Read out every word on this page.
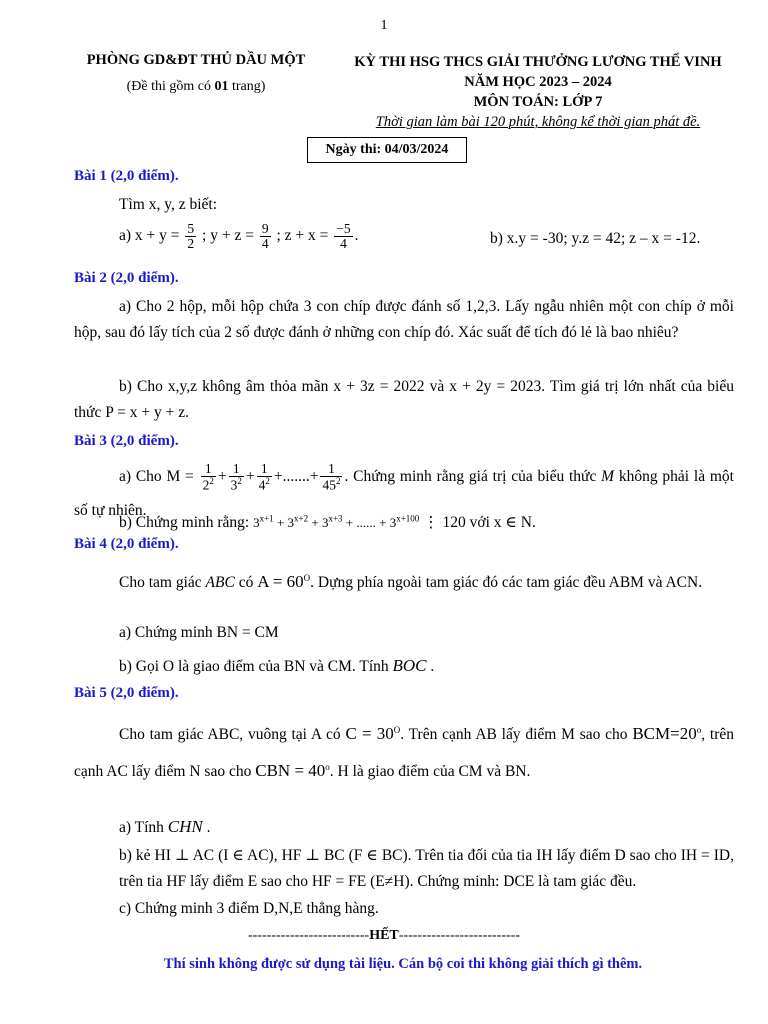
1
PHÒNG GD&ĐT THỦ DẦU MỘT
(Đề thi gồm có 01 trang)
KỲ THI HSG THCS GIẢI THƯỞNG LƯƠNG THẾ VINH
NĂM HỌC 2023 – 2024
MÔN TOÁN: LỚP 7
Thời gian làm bài 120 phút, không kể thời gian phát đề.
Ngày thi: 04/03/2024
Bài 1 (2,0 điểm).
Tìm x, y, z biết:
a) $x + y = \frac{5}{2}$ ; $y + z = \frac{9}{4}$ ; $z + x = \frac{-5}{4}$ .	b) x.y = -30; y.z = 42; z – x = -12.
Bài 2 (2,0 điểm).
a) Cho 2 hộp, mỗi hộp chứa 3 con chíp được đánh số 1,2,3. Lấy ngẫu nhiên một con chíp ở mỗi hộp, sau đó lấy tích của 2 số được đánh ở những con chíp đó. Xác suất để tích đó lẻ là bao nhiêu?
b) Cho x,y,z không âm thỏa mãn x + 3z = 2022 và x + 2y = 2023. Tìm giá trị lớn nhất của biểu thức P = x + y + z.
Bài 3 (2,0 điểm).
a) Cho $M = \frac{1}{2^2} + \frac{1}{3^2} + \frac{1}{4^2}$ +.......+ $\frac{1}{45^2}$ . Chứng minh rằng giá trị của biểu thức M không phải là một số tự nhiên.
b) Chứng minh rằng: $3^{x+1} + 3^{x+2} + 3^{x+3}$ + ...... + $3^{x+100}$ ⋮ 120 với x ∈ N.
Bài 4 (2,0 điểm).
Cho tam giác ABC có $A = 60^O$. Dựng phía ngoài tam giác đó các tam giác đều ABM và ACN.
a) Chứng minh BN = CM
b) Gọi O là giao điểm của BN và CM. Tính BOC .
Bài 5 (2,0 điểm).
Cho tam giác ABC, vuông tại A có $C = 30^O$. Trên cạnh AB lấy điểm M sao cho $BCM=20^o$, trên cạnh AC lấy điểm N sao cho CBN = $40^o$. H là giao điểm của CM và BN.
a) Tính CHN .
b) kẻ HI ⊥ AC (I ∈ AC), HF ⊥ BC (F ∈ BC). Trên tia đối của tia IH lấy điểm D sao cho IH = ID, trên tia HF lấy điểm E sao cho HF = FE (E≠H). Chứng minh: DCE là tam giác đều.
c) Chứng minh 3 điểm D,N,E thẳng hàng.
--------------------------HẾT--------------------------
Thí sinh không được sử dụng tài liệu. Cán bộ coi thi không giải thích gì thêm.
